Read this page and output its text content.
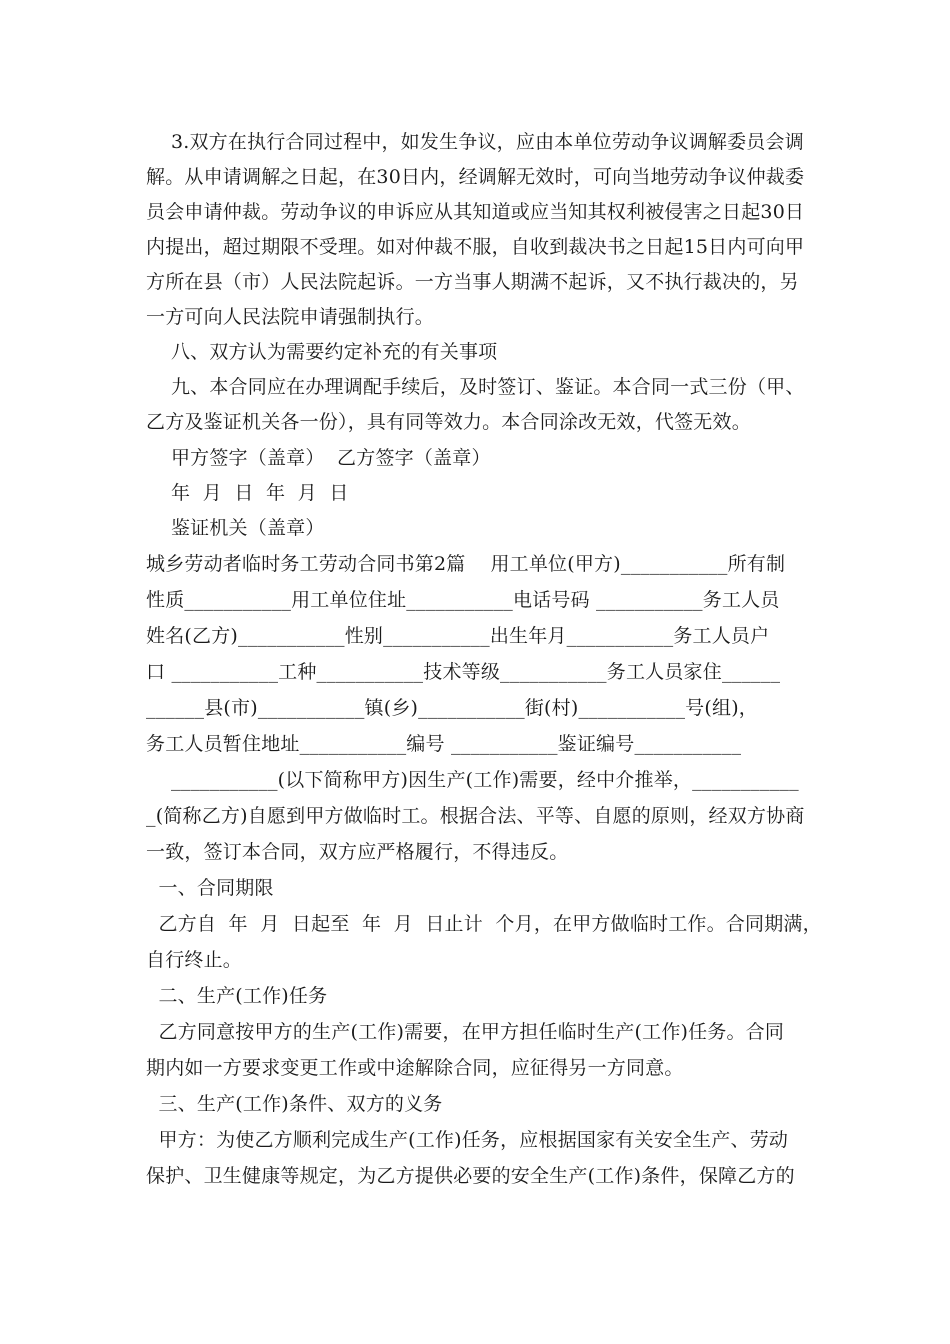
3.双方在执行合同过程中，如发生争议，应由本单位劳动争议调解委员会调
解。从申请调解之日起，在30日内，经调解无效时，可向当地劳动争议仲裁委
员会申请仲裁。劳动争议的申诉应从其知道或应当知其权利被侵害之日起30日
内提出，超过期限不受理。如对仲裁不服，自收到裁决书之日起15日内可向甲
方所在县（市）人民法院起诉。一方当事人期满不起诉，又不执行裁决的，另
一方可向人民法院申请强制执行。
八、双方认为需要约定补充的有关事项
九、本合同应在办理调配手续后，及时签订、鉴证。本合同一式三份（甲、
乙方及鉴证机关各一份），具有同等效力。本合同涂改无效，代签无效。
甲方签字（盖章）  乙方签字（盖章）
年  月  日  年  月  日
鉴证机关（盖章）
城乡劳动者临时务工劳动合同书第2篇    用工单位(甲方)___________所有制
性质___________用工单位住址___________电话号码 ___________务工人员
姓名(乙方)___________性别___________出生年月___________务工人员户
口 ___________工种___________技术等级___________务工人员家住______
______县(市)___________镇(乡)___________街(村)___________号(组)，
务工人员暂住地址___________编号 ___________鉴证编号___________
___________(以下简称甲方)因生产(工作)需要，经中介推举，___________
_(简称乙方)自愿到甲方做临时工。根据合法、平等、自愿的原则，经双方协商
一致，签订本合同，双方应严格履行，不得违反。
一、合同期限
乙方自  年  月  日起至  年  月  日止计  个月，在甲方做临时工作。合同期满，
自行终止。
二、生产(工作)任务
乙方同意按甲方的生产(工作)需要，在甲方担任临时生产(工作)任务。合同
期内如一方要求变更工作或中途解除合同，应征得另一方同意。
三、生产(工作)条件、双方的义务
甲方：为使乙方顺利完成生产(工作)任务，应根据国家有关安全生产、劳动
保护、卫生健康等规定，为乙方提供必要的安全生产(工作)条件，保障乙方的
